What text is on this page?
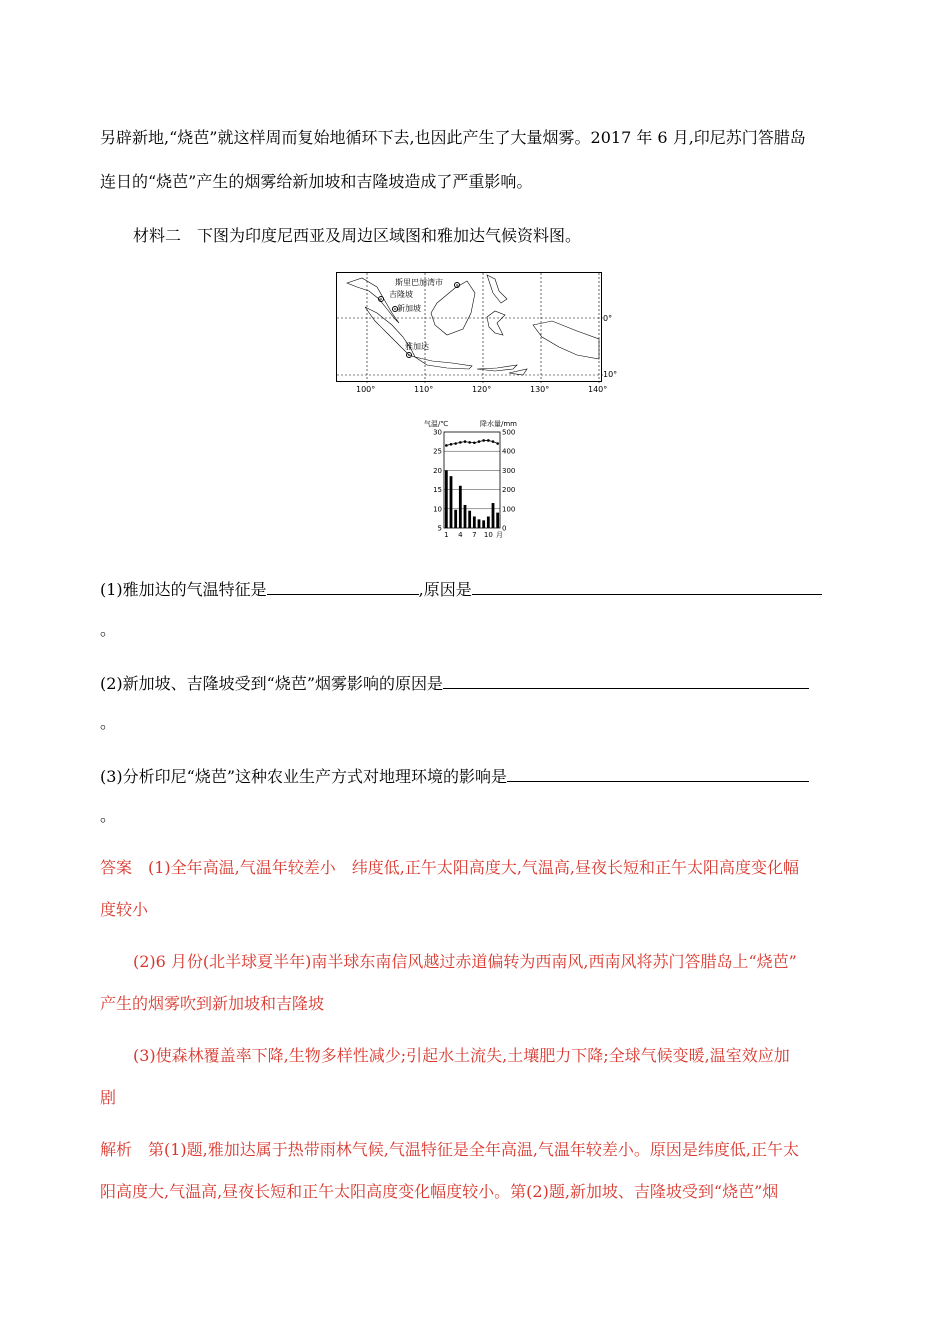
另辟新地,“烧芭”就这样周而复始地循环下去,也因此产生了大量烟雾。2017 年 6 月,印尼苏门答腊岛
连日的“烧芭”产生的烟雾给新加坡和吉隆坡造成了严重影响。
材料二　下图为印度尼西亚及周边区域图和雅加达气候资料图。
斯里巴加湾市
吉隆坡
新加坡
雅加达
0°
10°
100°	110°	120°	130°	140°
气温/℃	降水量/mm
30
25
20
15
10
5
500
400
300
200
100
0
1 4 7 10 月
(1)雅加达的气温特征是	,原因是
。
(2)新加坡、吉隆坡受到“烧芭”烟雾影响的原因是
。
(3)分析印尼“烧芭”这种农业生产方式对地理环境的影响是
。
答案　(1)全年高温,气温年较差小　纬度低,正午太阳高度大,气温高,昼夜长短和正午太阳高度变化幅
度较小
(2)6 月份(北半球夏半年)南半球东南信风越过赤道偏转为西南风,西南风将苏门答腊岛上“烧芭”
产生的烟雾吹到新加坡和吉隆坡
(3)使森林覆盖率下降,生物多样性减少;引起水土流失,土壤肥力下降;全球气候变暖,温室效应加
剧
解析　第(1)题,雅加达属于热带雨林气候,气温特征是全年高温,气温年较差小。原因是纬度低,正午太
阳高度大,气温高,昼夜长短和正午太阳高度变化幅度较小。第(2)题,新加坡、吉隆坡受到“烧芭”烟
